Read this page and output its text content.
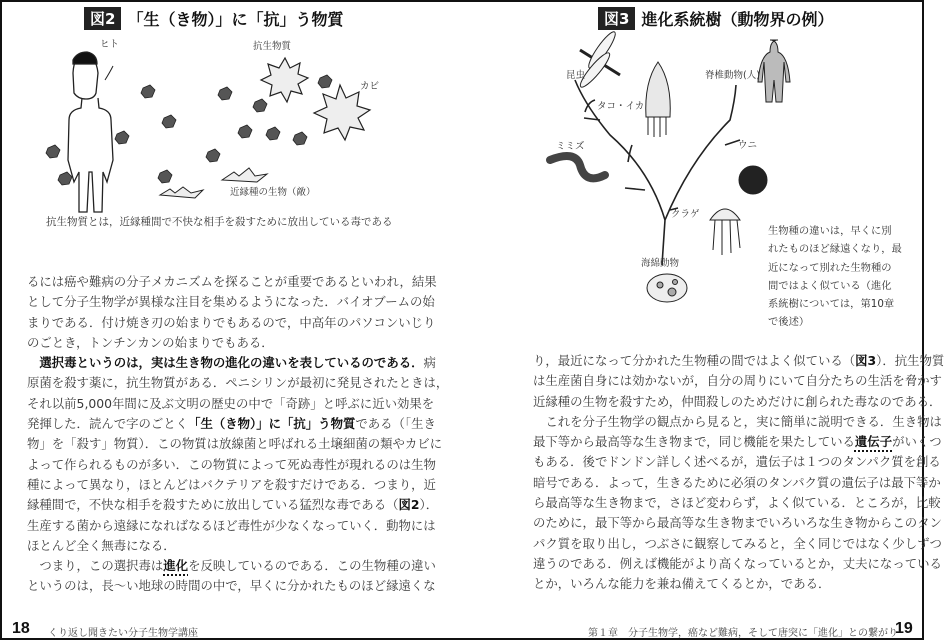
図2 「生（き物）」に「抗」う物質
ヒト	抗生物質
カビ
近縁種の生物（敵）
抗生物質とは，近縁種間で不快な相手を殺すために放出している毒である
るには癌や難病の分子メカニズムを探ることが重要であるといわれ，結果
として分子生物学が異様な注目を集めるようになった．バイオブームの始
まりである．付け焼き刃の始まりでもあるので，中高年のパソコンいじり
のごとき，トンチンカンの始まりでもある．
　選択毒というのは，実は生き物の進化の違いを表しているのである．病
原菌を殺す薬に，抗生物質がある．ペニシリンが最初に発見されたときは，
それ以前5,000年間に及ぶ文明の歴史の中で「奇跡」と呼ぶに近い効果を
発揮した．読んで字のごとく「生（き物）」に「抗」う物質である（「生き
物」を「殺す」物質）．この物質は放線菌と呼ばれる土壌細菌の類やカビに
よって作られるものが多い．この物質によって死ぬ毒性が現れるのは生物
種によって異なり，ほとんどはバクテリアを殺すだけである．つまり，近
縁種間で，不快な相手を殺すために放出している猛烈な毒である（図2）．
生産する菌から遠縁になればなるほど毒性が少なくなっていく．動物には
ほとんど全く無毒になる．
　つまり，この選択毒は進化を反映しているのである．この生物種の違い
というのは，長～い地球の時間の中で，早くに分かれたものほど縁遠くな
18 くり返し聞きたい分子生物学講座
図3 進化系統樹（動物界の例）
昆虫
タコ・イカ
脊椎動物(人)
ミミズ	ウニ
クラゲ
海綿動物
生物種の違いは，早くに別
れたものほど縁遠くなり，最
近になって別れた生物種の
間ではよく似ている（進化
系統樹については，第10章
で後述）
り，最近になって分かれた生物種の間ではよく似ている（図3）．抗生物質
は生産菌自身には効かないが，自分の周りにいて自分たちの生活を脅かす
近縁種の生物を殺すため，仲間殺しのためだけに創られた毒なのである．
　これを分子生物学の観点から見ると，実に簡単に説明できる．生き物は
最下等から最高等な生き物まで，同じ機能を果たしている遺伝子がいくつ
もある．後でドンドン詳しく述べるが，遺伝子は１つのタンパク質を創る
暗号である．よって，生きるために必須のタンパク質の遺伝子は最下等か
ら最高等な生き物まで，さほど変わらず，よく似ている．ところが，比較
のために，最下等から最高等な生き物までいろいろな生き物からこのタン
パク質を取り出し，つぶさに観察してみると，全く同じではなく少しずつ
違うのである．例えば機能がより高くなっているとか，丈夫になっている
とか，いろんな能力を兼ね備えてくるとか，である．
第１章　分子生物学，癌など難病，そして唐突に「進化」との繋がり
19
